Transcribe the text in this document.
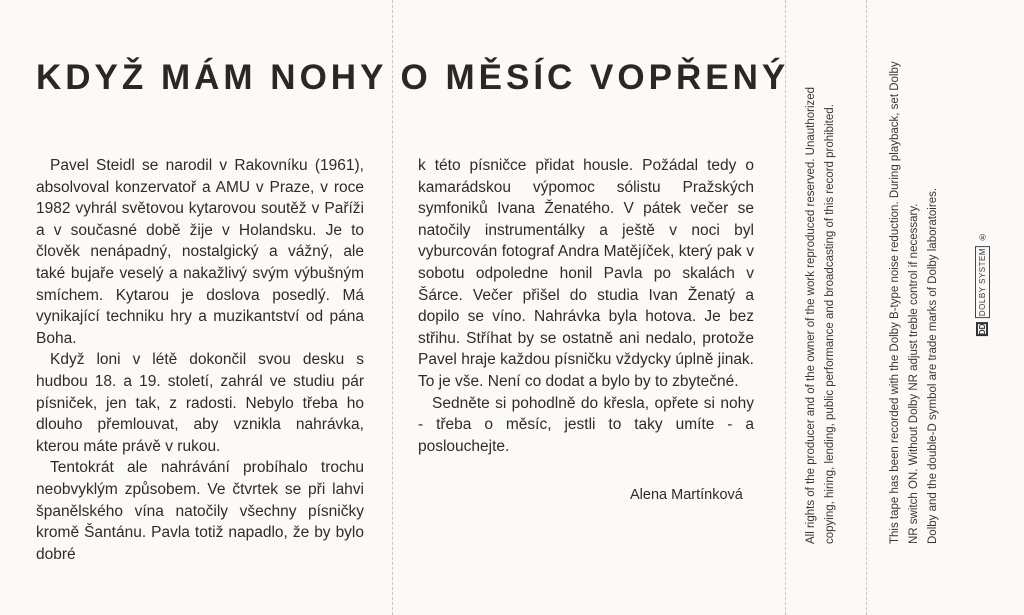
KDYŽ MÁM NOHY O MĚSÍC VOPŘENÝ

Pavel Steidl se narodil v Rakovníku (1961), absolvoval konzervatoř a AMU v Praze, v roce 1982 vyhrál světovou kytarovou soutěž v Paříži a v současné době žije v Holandsku. Je to člověk nenápadný, nostalgický a vážný, ale také bujaře veselý a nakažlivý svým výbušným smíchem. Kytarou je doslova posedlý. Má vynikající techniku hry a muzikantství od pána Boha.

Když loni v létě dokončil svou desku s hudbou 18. a 19. století, zahrál ve studiu pár písniček, jen tak, z radosti. Nebylo třeba ho dlouho přemlouvat, aby vznikla nahrávka, kterou máte právě v rukou.

Tentokrát ale nahrávání probíhalo trochu neobvyklým způsobem. Ve čtvrtek se při lahvi španělského vína natočily všechny písničky kromě Šantánu. Pavla totiž napadlo, že by bylo dobré

k této písničce přidat housle. Požádal tedy o kamarádskou výpomoc sólistu Pražských symfoniků Ivana Ženatého. V pátek večer se natočily instrumentálky a ještě v noci byl vyburcován fotograf Andra Matějíček, který pak v sobotu odpoledne honil Pavla po skalách v Šárce. Večer přišel do studia Ivan Ženatý a dopilo se víno. Nahrávka byla hotova. Je bez střihu. Stříhat by se ostatně ani nedalo, protože Pavel hraje každou písničku vždycky úplně jinak. To je vše. Není co dodat a bylo by to zbytečné.

Sedněte si pohodlně do křesla, opřete si nohy - třeba o měsíc, jestli to taky umíte - a poslouchejte.

Alena Martínková	All rights of the producer and of the owner of the work reproduced reserved. Unauthorized copying, hiring, lending, public performance and broadcasting of this record prohibited.	This tape has been recorded with the Dolby B-type noise reduction. During playback, set Dolby NR switch ON. Without Dolby NR adjust treble control if necessary. Dolby and the double-D symbol are trade marks of Dolby laboratoires.	DD
DOLBY SYSTEM
®
